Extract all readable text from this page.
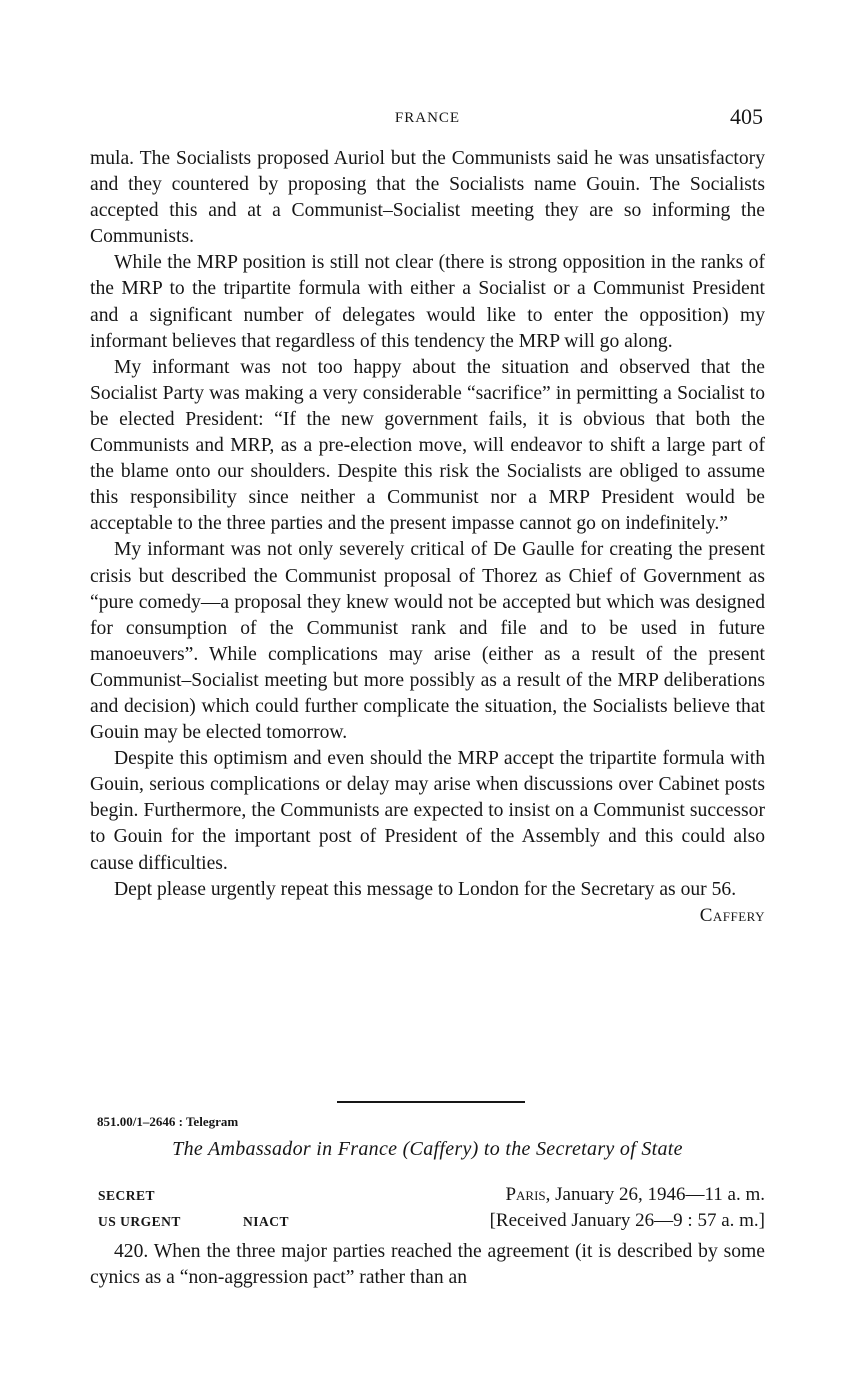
FRANCE	405

mula. The Socialists proposed Auriol but the Communists said he was unsatisfactory and they countered by proposing that the Socialists name Gouin. The Socialists accepted this and at a Communist–Socialist meeting they are so informing the Communists.

While the MRP position is still not clear (there is strong opposition in the ranks of the MRP to the tripartite formula with either a Socialist or a Communist President and a significant number of delegates would like to enter the opposition) my informant believes that regardless of this tendency the MRP will go along.

My informant was not too happy about the situation and observed that the Socialist Party was making a very considerable “sacrifice” in permitting a Socialist to be elected President: “If the new government fails, it is obvious that both the Communists and MRP, as a pre-election move, will endeavor to shift a large part of the blame onto our shoulders. Despite this risk the Socialists are obliged to assume this responsibility since neither a Communist nor a MRP President would be acceptable to the three parties and the present impasse cannot go on indefinitely.”

My informant was not only severely critical of De Gaulle for creating the present crisis but described the Communist proposal of Thorez as Chief of Government as “pure comedy—a proposal they knew would not be accepted but which was designed for consumption of the Communist rank and file and to be used in future manoeuvers”. While complications may arise (either as a result of the present Communist–Socialist meeting but more possibly as a result of the MRP deliberations and decision) which could further complicate the situation, the Socialists believe that Gouin may be elected tomorrow.

Despite this optimism and even should the MRP accept the tripartite formula with Gouin, serious complications or delay may arise when discussions over Cabinet posts begin. Furthermore, the Communists are expected to insist on a Communist successor to Gouin for the important post of President of the Assembly and this could also cause difficulties.

Dept please urgently repeat this message to London for the Secretary as our 56.

Caffery

851.00/1–2646 : Telegram
The Ambassador in France (Caffery) to the Secretary of State
SECRET	Paris, January 26, 1946—11 a. m.
US URGENT	NIACT	[Received January 26—9 : 57 a. m.]

420. When the three major parties reached the agreement (it is described by some cynics as a “non-aggression pact” rather than an
